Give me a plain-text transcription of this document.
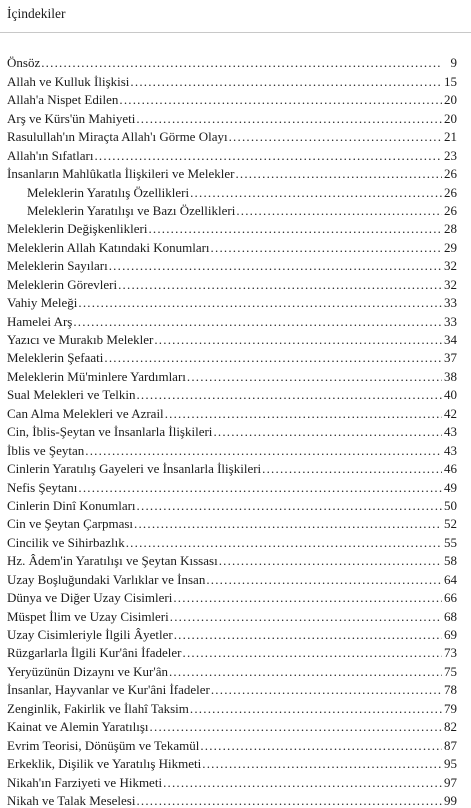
İçindekiler
Önsöz .....	9
Allah ve Kulluk İlişkisi .....	15
Allah'a Nispet Edilen .....	20
Arş ve Kürs'ün Mahiyeti .....	20
Rasulullah'ın Miraçta Allah'ı Görme Olayı .....	21
Allah'ın Sıfatları .....	23
İnsanların Mahlûkatla İlişkileri ve Melekler .....	26
Meleklerin Yaratılış Özellikleri .....	26
Meleklerin Yaratılışı ve Bazı Özellikleri .....	26
Meleklerin Değişkenlikleri .....	28
Meleklerin Allah Katındaki Konumları .....	29
Meleklerin Sayıları .....	32
Meleklerin Görevleri .....	32
Vahiy Meleği .....	33
Hamelei Arş .....	33
Yazıcı ve Murakıb Melekler .....	34
Meleklerin Şefaati .....	37
Meleklerin Mü'minlere Yardımları .....	38
Sual Melekleri ve Telkin .....	40
Can Alma Melekleri ve Azrail .....	42
Cin, İblis-Şeytan ve İnsanlarla İlişkileri .....	43
İblis ve Şeytan .....	43
Cinlerin Yaratılış Gayeleri ve İnsanlarla İlişkileri .....	46
Nefis Şeytanı .....	49
Cinlerin Dinî Konumları .....	50
Cin ve Şeytan Çarpması .....	52
Cincilik ve Sihirbazlık .....	55
Hz. Âdem'in Yaratılışı ve Şeytan Kıssası .....	58
Uzay Boşluğundaki Varlıklar ve İnsan .....	64
Dünya ve Diğer Uzay Cisimleri .....	66
Müspet İlim ve Uzay Cisimleri .....	68
Uzay Cisimleriyle İlgili Âyetler .....	69
Rüzgarlarla İlgili Kur'âni İfadeler .....	73
Yeryüzünün Dizaynı ve Kur'ân .....	75
İnsanlar, Hayvanlar ve Kur'âni İfadeler .....	78
Zenginlik, Fakirlik ve İlahî Taksim .....	79
Kainat ve Alemin Yaratılışı .....	82
Evrim Teorisi, Dönüşüm ve Tekamül .....	87
Erkeklik, Dişilik ve Yaratılış Hikmeti .....	95
Nikah'ın Farziyeti ve Hikmeti .....	97
Nikah ve Talak Meselesi .....	99
